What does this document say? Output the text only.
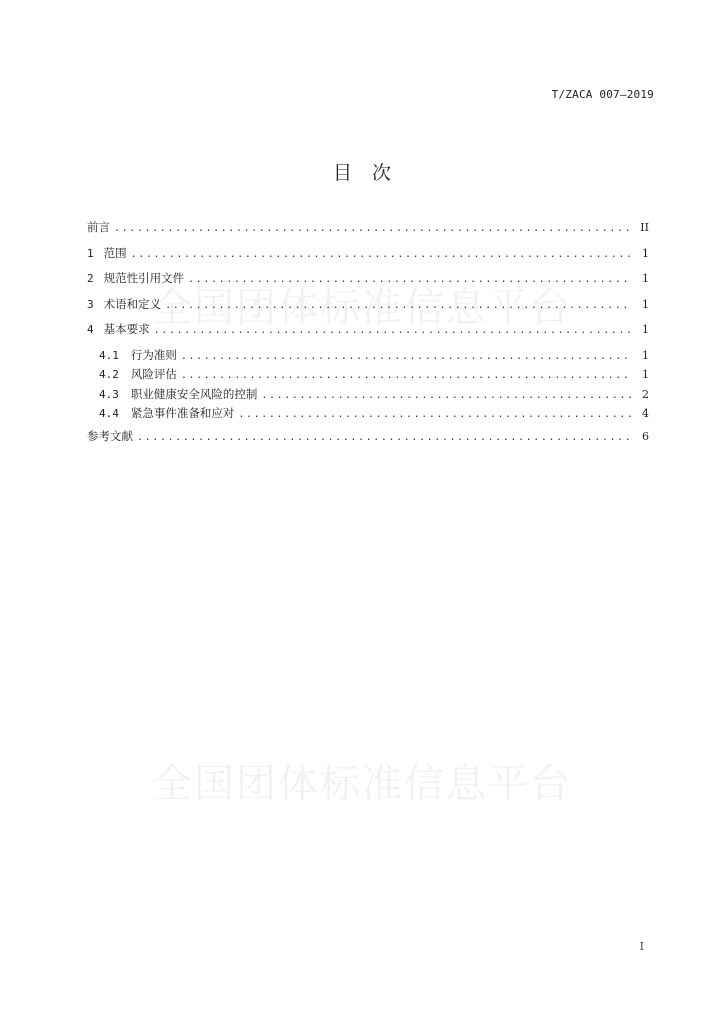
T/ZACA 007—2019
目次
全国团体标准信息平台
全国团体标准信息平台
前言 .....	II
1 范围 .....	1
2 规范性引用文件 .....	1
3 术语和定义 .....	1
4 基本要求 .....	1
4.1 行为准则 .....	1
4.2 风险评估 .....	1
4.3 职业健康安全风险的控制 .....	2
4.4 紧急事件准备和应对 .....	4
参考文献 .....	6
I
